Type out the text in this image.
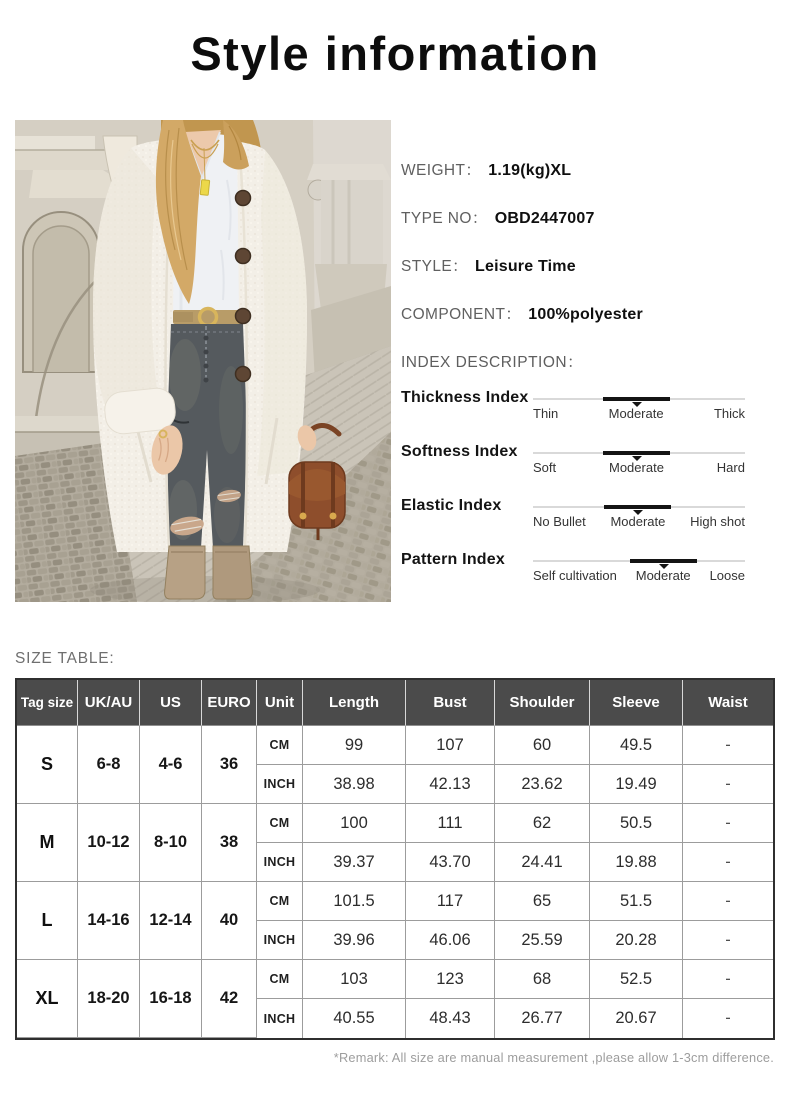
Style information
WEIGHT： 1.19(kg)XL
TYPE NO： OBD2447007
STYLE： Leisure Time
COMPONENT： 100%polyester
INDEX DESCRIPTION：
Thickness Index
Thin	Moderate	Thick
Softness Index
Soft	Moderate	Hard
Elastic Index
No Bullet Moderate High shot
Pattern Index
Self cultivation Moderate Loose
SIZE TABLE:
Tag size	UK/AU	US	EURO	Unit	Length	Bust	Shoulder	Sleeve	Waist
S	6-8	4-6	36	CM	99	107	60	49.5	-
				INCH	38.98	42.13	23.62	19.49	-
M	10-12	8-10	38	CM	100	111	62	50.5	-
				INCH	39.37	43.70	24.41	19.88	-
L	14-16	12-14	40	CM	101.5	117	65	51.5	-
				INCH	39.96	46.06	25.59	20.28	-
XL	18-20	16-18	42	CM	103	123	68	52.5	-
				INCH	40.55	48.43	26.77	20.67	-
*Remark: All size are manual measurement ,please allow 1-3cm difference.
